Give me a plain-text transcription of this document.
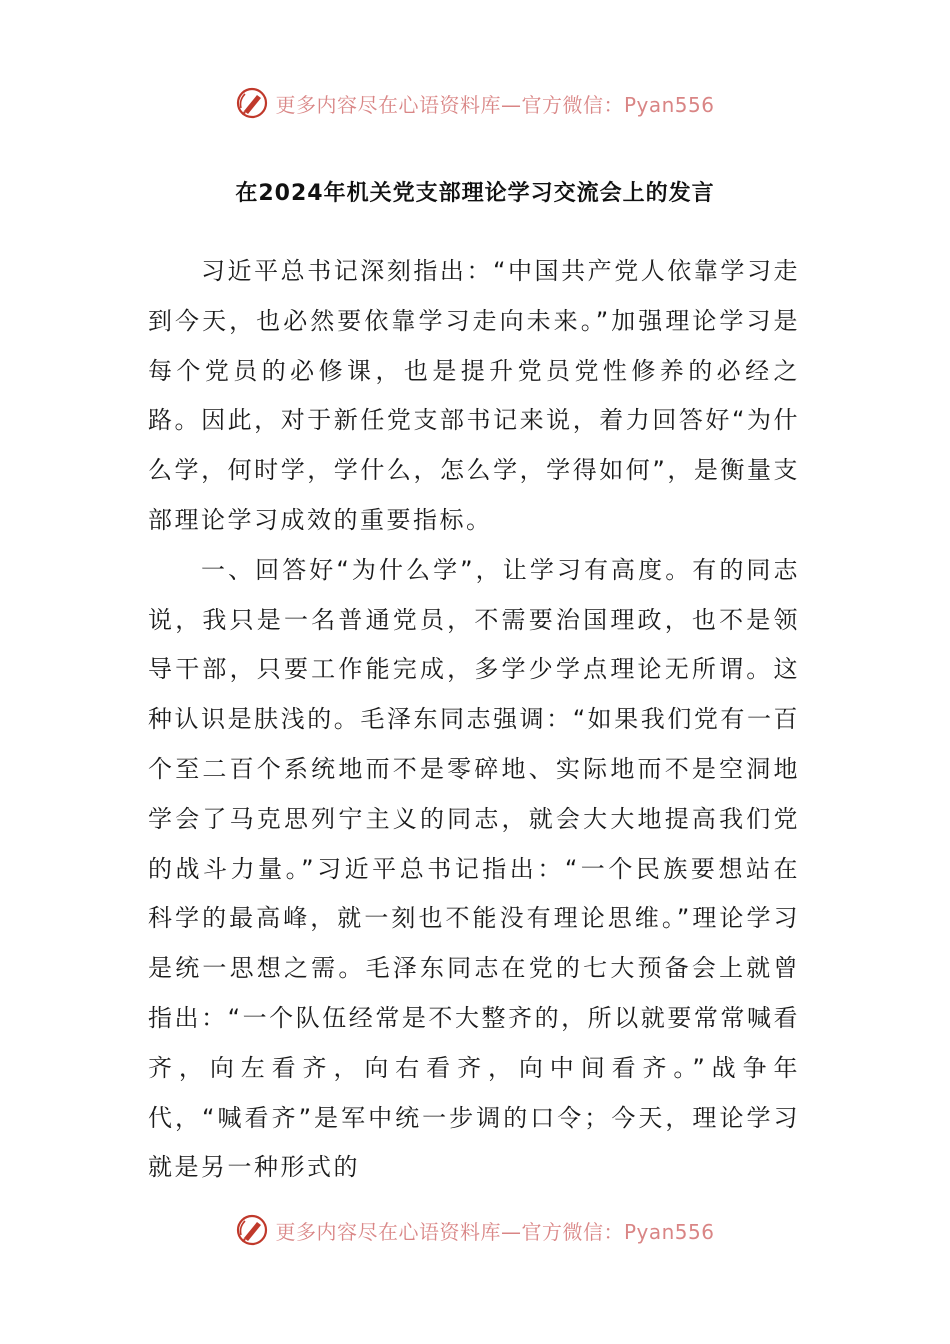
更多内容尽在心语资料库—官方微信：Pyan556
在2024年机关党支部理论学习交流会上的发言

习近平总书记深刻指出：“中国共产党人依靠学习走到今天，也必然要依靠学习走向未来。”加强理论学习是每个党员的必修课，也是提升党员党性修养的必经之路。因此，对于新任党支部书记来说，着力回答好“为什么学，何时学，学什么，怎么学，学得如何”，是衡量支部理论学习成效的重要指标。

一、回答好“为什么学”，让学习有高度。有的同志说，我只是一名普通党员，不需要治国理政，也不是领导干部，只要工作能完成，多学少学点理论无所谓。这种认识是肤浅的。毛泽东同志强调：“如果我们党有一百个至二百个系统地而不是零碎地、实际地而不是空洞地学会了马克思列宁主义的同志，就会大大地提高我们党的战斗力量。”习近平总书记指出：“一个民族要想站在科学的最高峰，就一刻也不能没有理论思维。”理论学习是统一思想之需。毛泽东同志在党的七大预备会上就曾指出：“一个队伍经常是不大整齐的，所以就要常常喊看齐，向左看齐，向右看齐，向中间看齐。”战争年代，“喊看齐”是军中统一步调的口令；今天，理论学习就是另一种形式的

更多内容尽在心语资料库—官方微信：Pyan556
